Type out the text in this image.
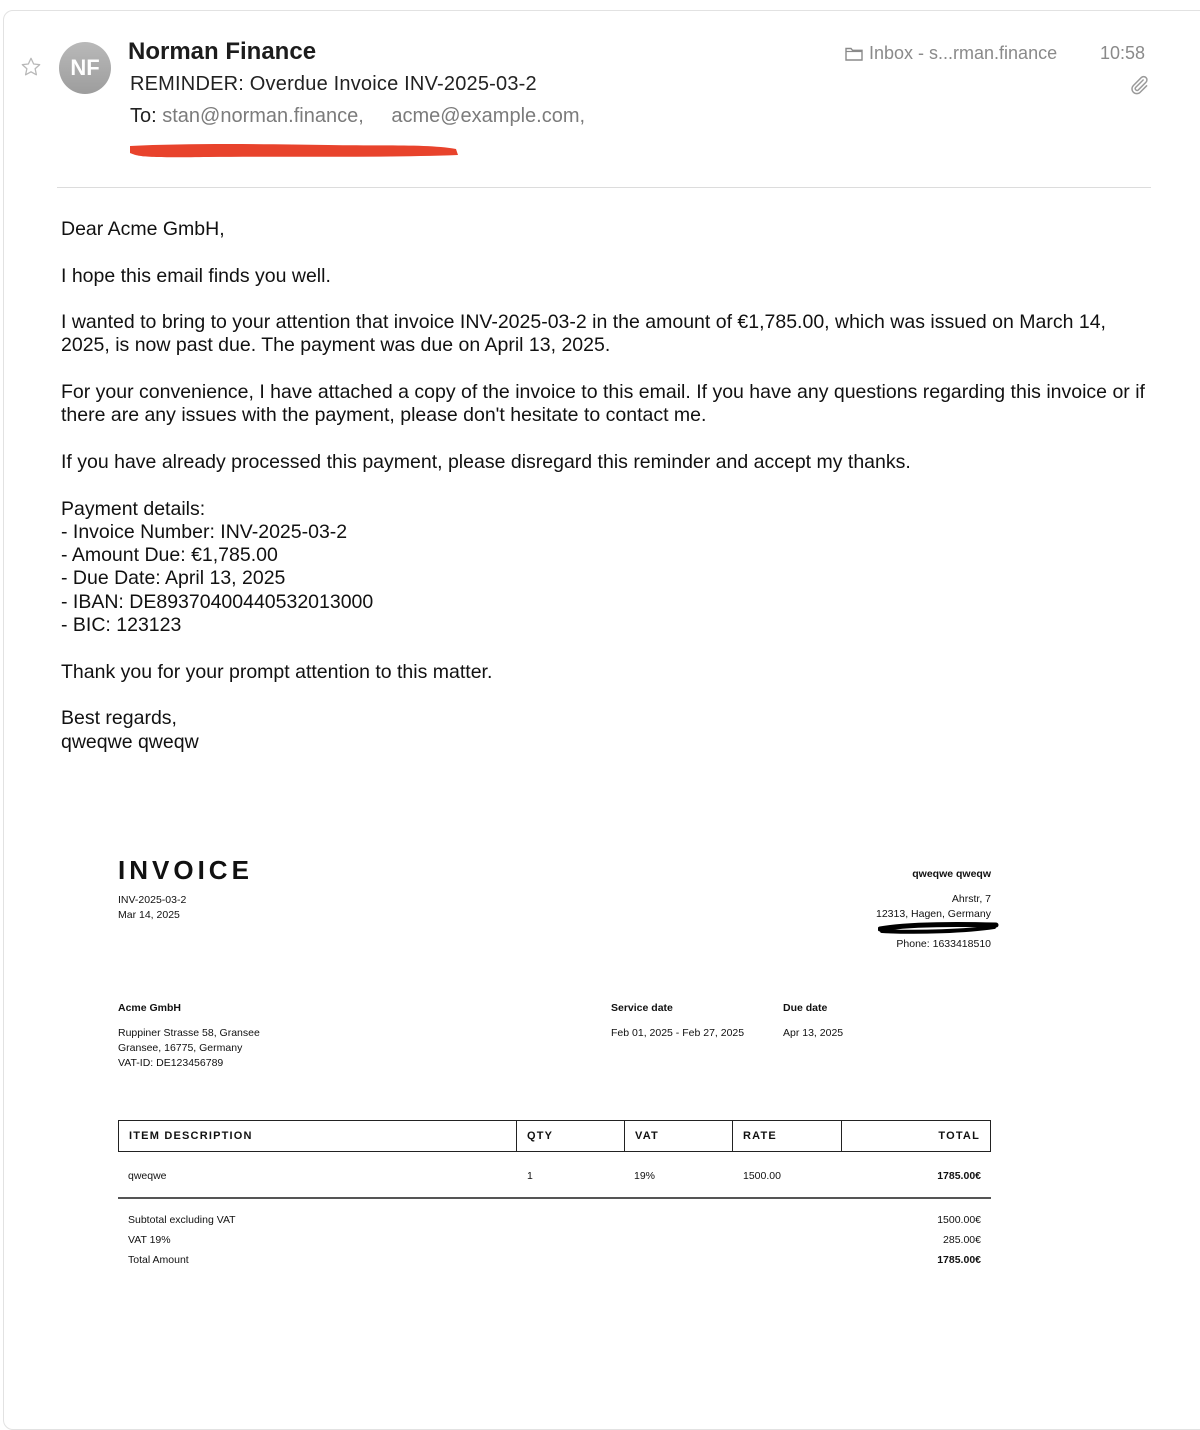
NF
Norman Finance
REMINDER: Overdue Invoice INV-2025-03-2
To: stan@norman.finance, acme@example.com,
Inbox - s...rman.finance 10:58

Dear Acme GmbH,

I hope this email finds you well.

I wanted to bring to your attention that invoice INV-2025-03-2 in the amount of €1,785.00, which was issued on March 14, 2025, is now past due. The payment was due on April 13, 2025.

For your convenience, I have attached a copy of the invoice to this email. If you have any questions regarding this invoice or if there are any issues with the payment, please don't hesitate to contact me.

If you have already processed this payment, please disregard this reminder and accept my thanks.

Payment details:
- Invoice Number: INV-2025-03-2
- Amount Due: €1,785.00
- Due Date: April 13, 2025
- IBAN: DE89370400440532013000
- BIC: 123123

Thank you for your prompt attention to this matter.

Best regards,
qweqwe qweqw

INVOICE
INV-2025-03-2
Mar 14, 2025
qweqwe qweqw
Ahrstr, 7
12313, Hagen, Germany
Phone: 1633418510
Acme GmbH
Ruppiner Strasse 58, Gransee
Gransee, 16775, Germany
VAT-ID: DE123456789
Service date
Feb 01, 2025 - Feb 27, 2025
Due date
Apr 13, 2025
ITEM DESCRIPTION	QTY	VAT	RATE	TOTAL
qweqwe	1	19%	1500.00	1785.00€
Subtotal excluding VAT	1500.00€
VAT 19%	285.00€
Total Amount	1785.00€
